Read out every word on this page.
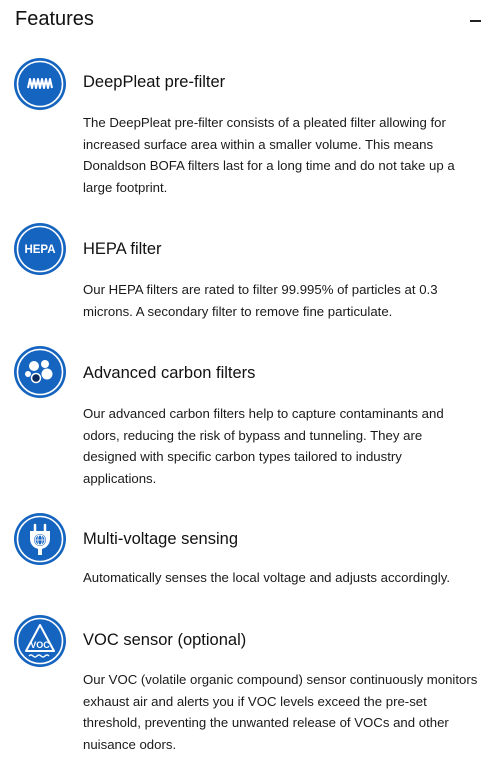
Features
DeepPleat pre-filter

The DeepPleat pre-filter consists of a pleated filter allowing for increased surface area within a smaller volume. This means Donaldson BOFA filters last for a long time and do not take up a large footprint.

HEPA HEPA filter

Our HEPA filters are rated to filter 99.995% of particles at 0.3 microns. A secondary filter to remove fine particulate.

Advanced carbon filters

Our advanced carbon filters help to capture contaminants and odors, reducing the risk of bypass and tunneling. They are designed with specific carbon types tailored to industry applications.

Multi-voltage sensing

Automatically senses the local voltage and adjusts accordingly.

VOC VOC sensor (optional)

Our VOC (volatile organic compound) sensor continuously monitors exhaust air and alerts you if VOC levels exceed the pre-set threshold, preventing the unwanted release of VOCs and other nuisance odors.
